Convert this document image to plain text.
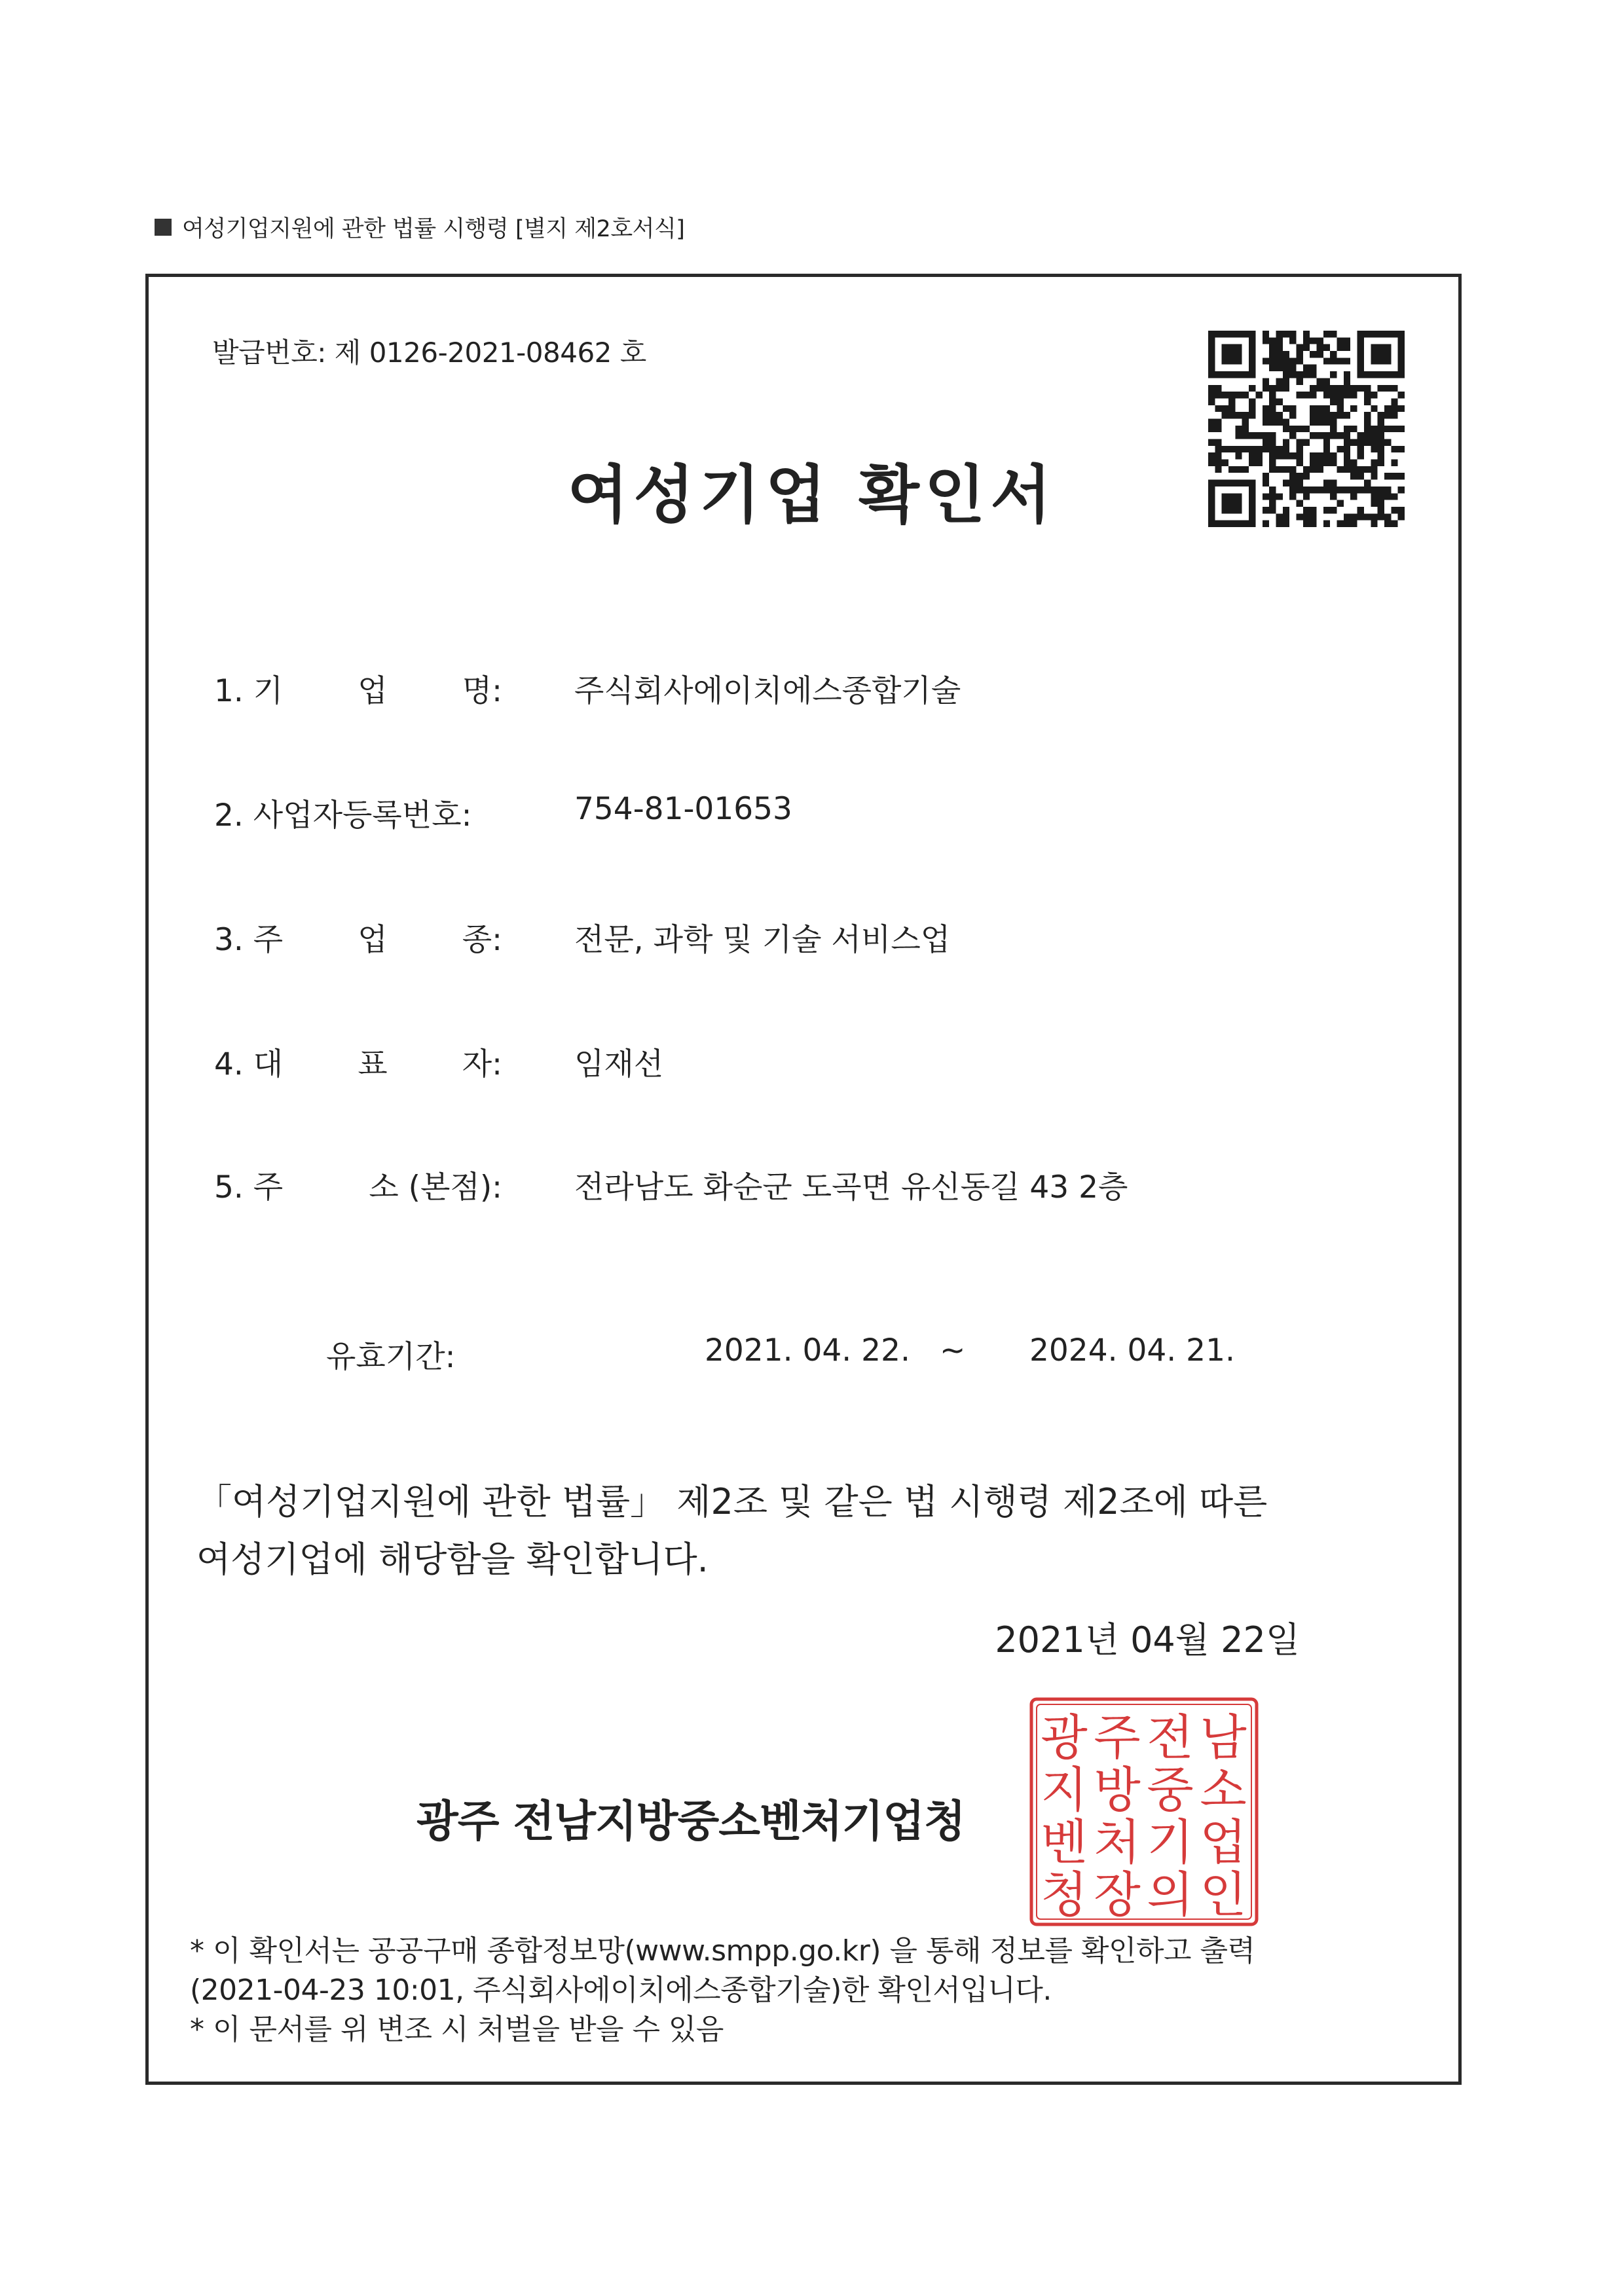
여성기업지원에 관한 법률 시행령 [별지 제2호서식]
발급번호: 제 0126-2021-08462 호
여성기업 확인서
1. 기 업 명: 주식회사에이치에스종합기술
2. 사업자등록번호:	754-81-01653
3. 주 업 종: 전문, 과학 및 기술 서비스업
4. 대 표 자: 임재선
5. 주	소 (본점): 전라남도 화순군 도곡면 유신동길 43 2층
유효기간:	2021. 04. 22. ~ 2024. 04. 21.
「여성기업지원에 관한 법률」 제2조 및 같은 법 시행령 제2조에 따른
여성기업에 해당함을 확인합니다.
2021년 04월 22일
광주 전남지방중소벤처기업청
광 주 전 남
지 방 중 소
벤 처 기 업
청 장 의 인
* 이 확인서는 공공구매 종합정보망(www.smpp.go.kr) 을 통해 정보를 확인하고 출력
(2021-04-23 10:01, 주식회사에이치에스종합기술)한 확인서입니다.
* 이 문서를 위 변조 시 처벌을 받을 수 있음
